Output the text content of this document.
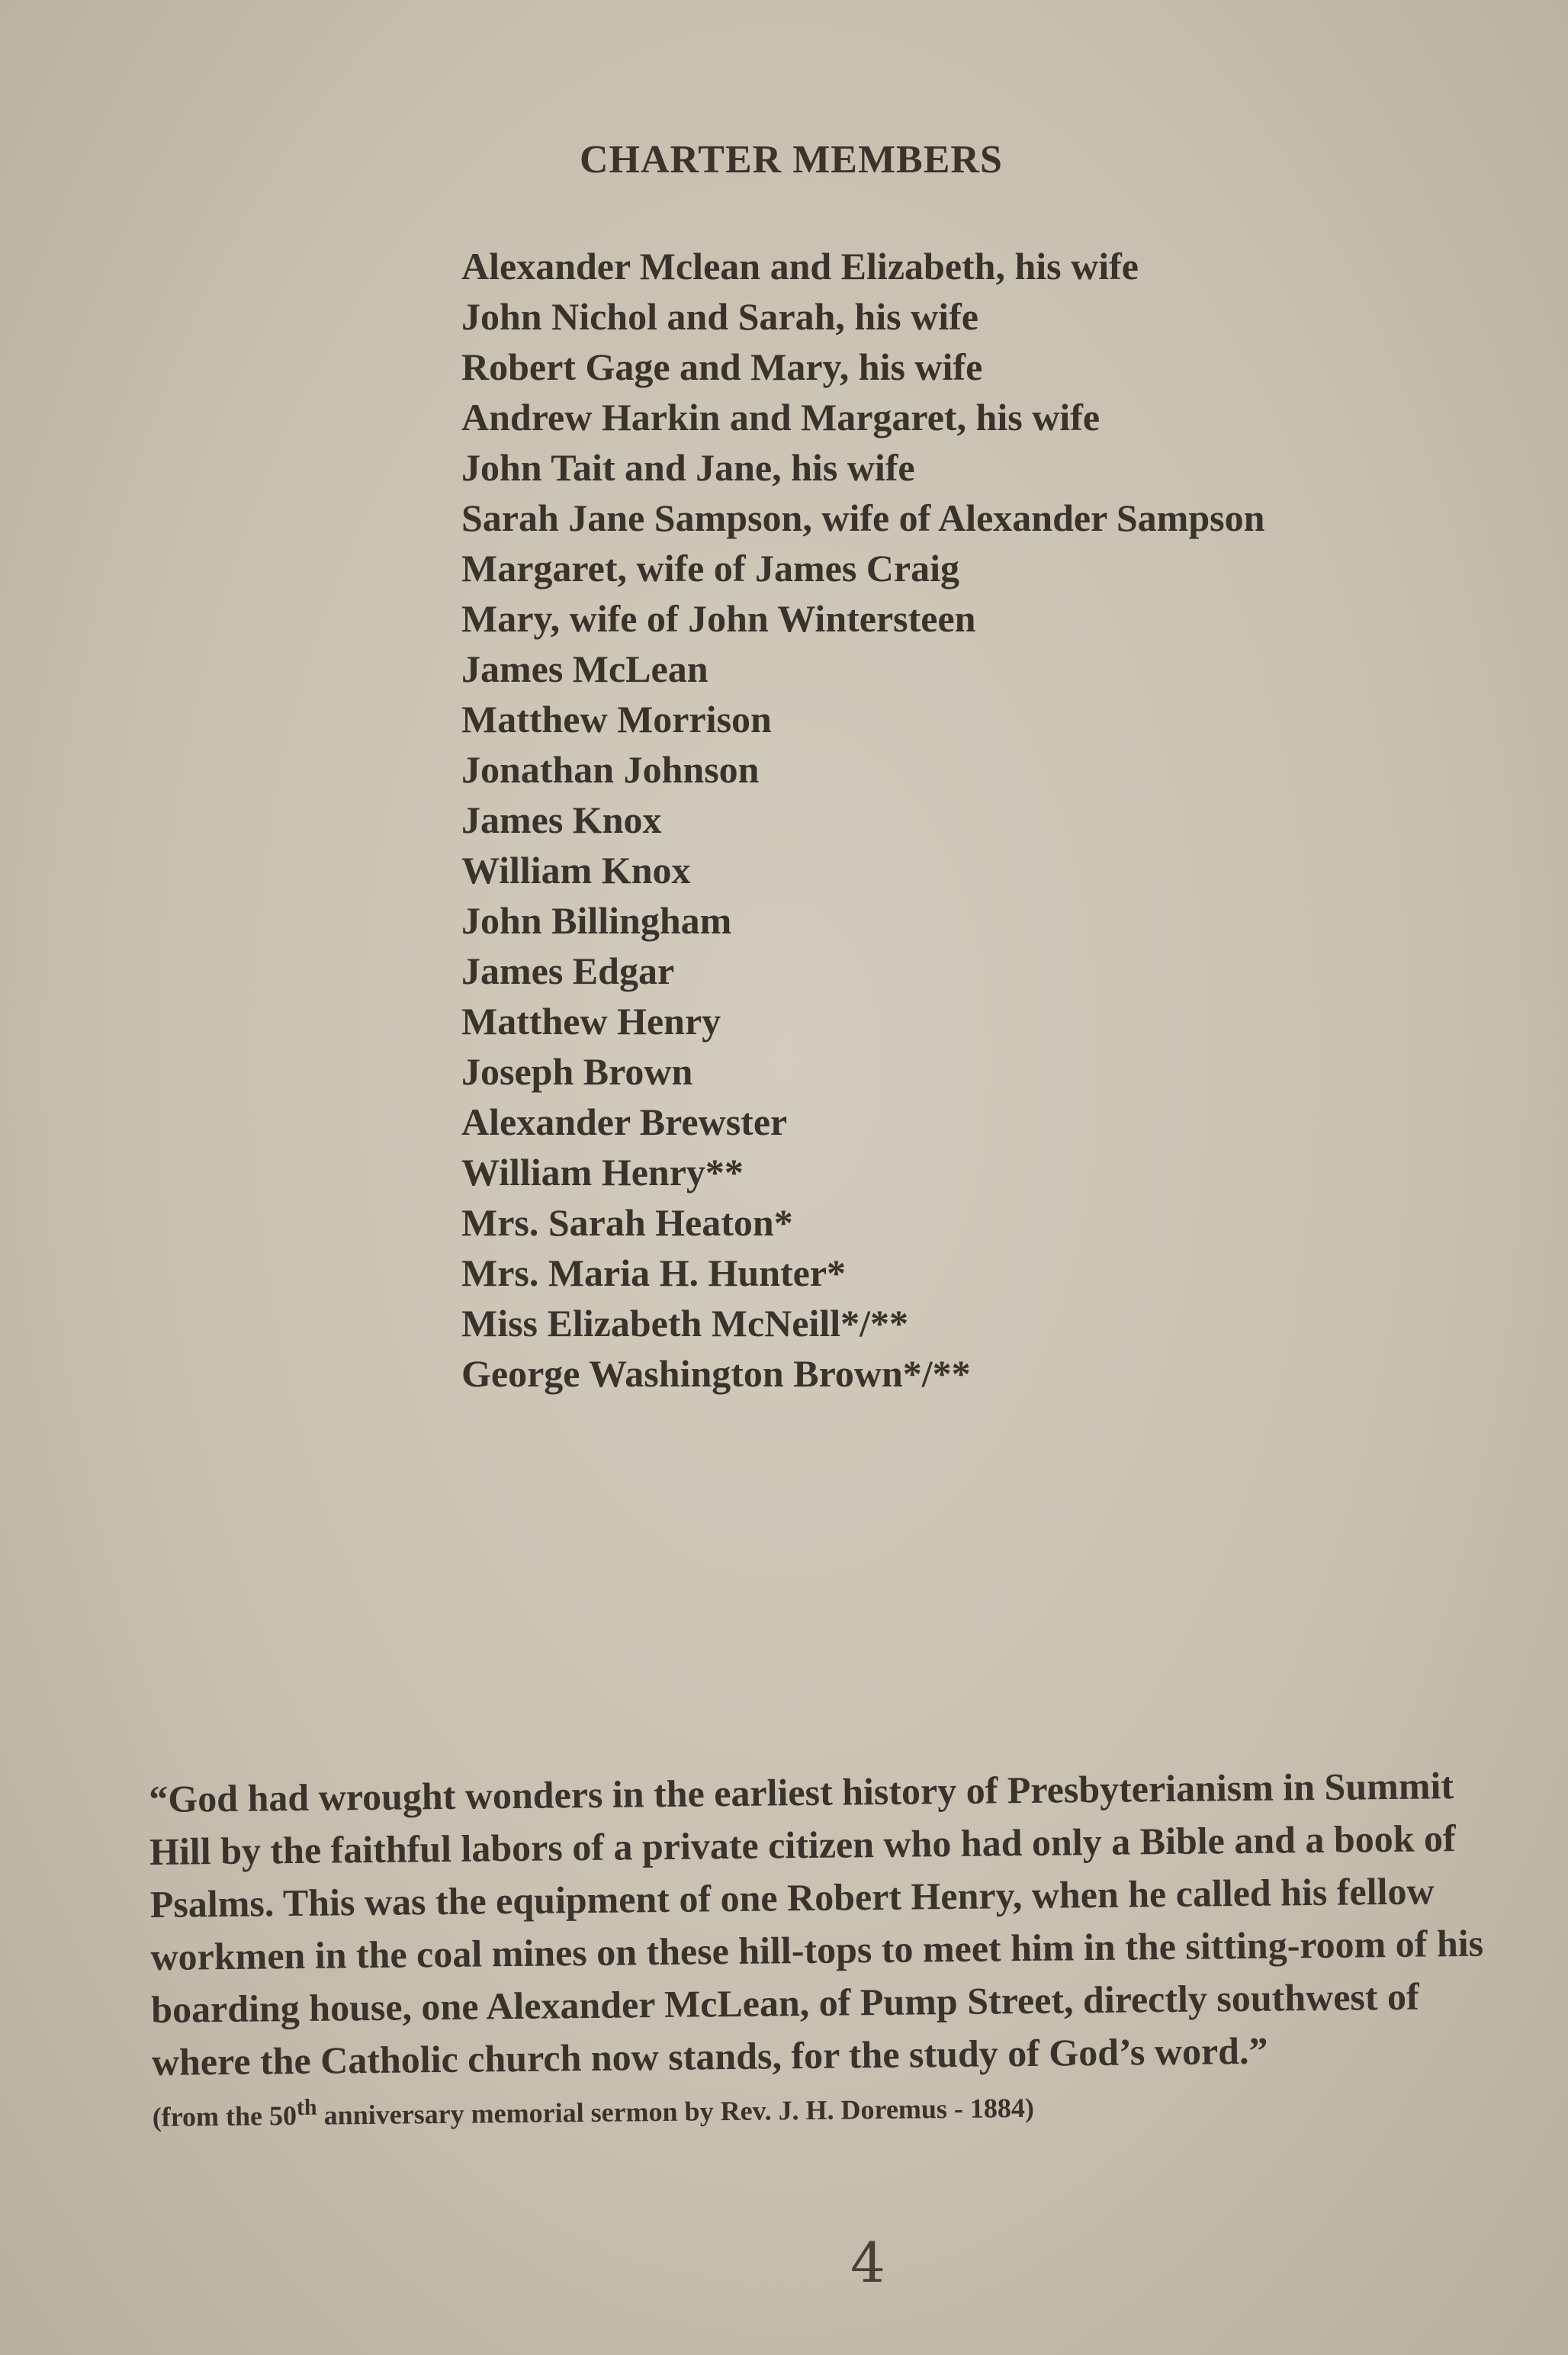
CHARTER MEMBERS
Alexander Mclean and Elizabeth, his wife
John Nichol and Sarah, his wife
Robert Gage and Mary, his wife
Andrew Harkin and Margaret, his wife
John Tait and Jane, his wife
Sarah Jane Sampson, wife of Alexander Sampson
Margaret, wife of James Craig
Mary, wife of John Wintersteen
James McLean
Matthew Morrison
Jonathan Johnson
James Knox
William Knox
John Billingham
James Edgar
Matthew Henry
Joseph Brown
Alexander Brewster
William Henry**
Mrs. Sarah Heaton*
Mrs. Maria H. Hunter*
Miss Elizabeth McNeill*/**
George Washington Brown*/**

“God had wrought wonders in the earliest history of Presbyterianism in Summit Hill by the faithful labors of a private citizen who had only a Bible and a book of Psalms. This was the equipment of one Robert Henry, when he called his fellow workmen in the coal mines on these hill-tops to meet him in the sitting-room of his boarding house, one Alexander McLean, of Pump Street, directly southwest of where the Catholic church now stands, for the study of God’s word.”

(from the 50th anniversary memorial sermon by Rev. J. H. Doremus - 1884)

4
